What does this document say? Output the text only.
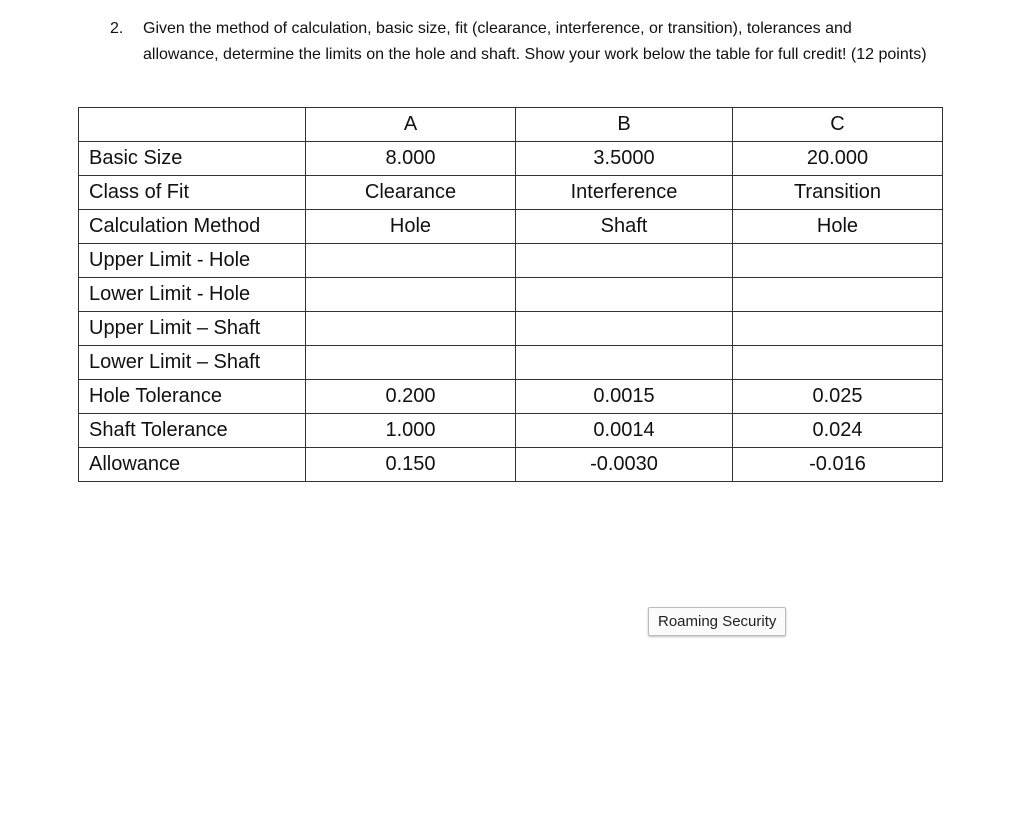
2. Given the method of calculation, basic size, fit (clearance, interference, or transition), tolerances and allowance, determine the limits on the hole and shaft. Show your work below the table for full credit! (12 points)
	A	B	C
Basic Size	8.000	3.5000	20.000
Class of Fit	Clearance	Interference	Transition
Calculation Method	Hole	Shaft	Hole
Upper Limit - Hole			
Lower Limit - Hole			
Upper Limit – Shaft			
Lower Limit – Shaft			
Hole Tolerance	0.200	0.0015	0.025
Shaft Tolerance	1.000	0.0014	0.024
Allowance	0.150	-0.0030	-0.016
Roaming Security
